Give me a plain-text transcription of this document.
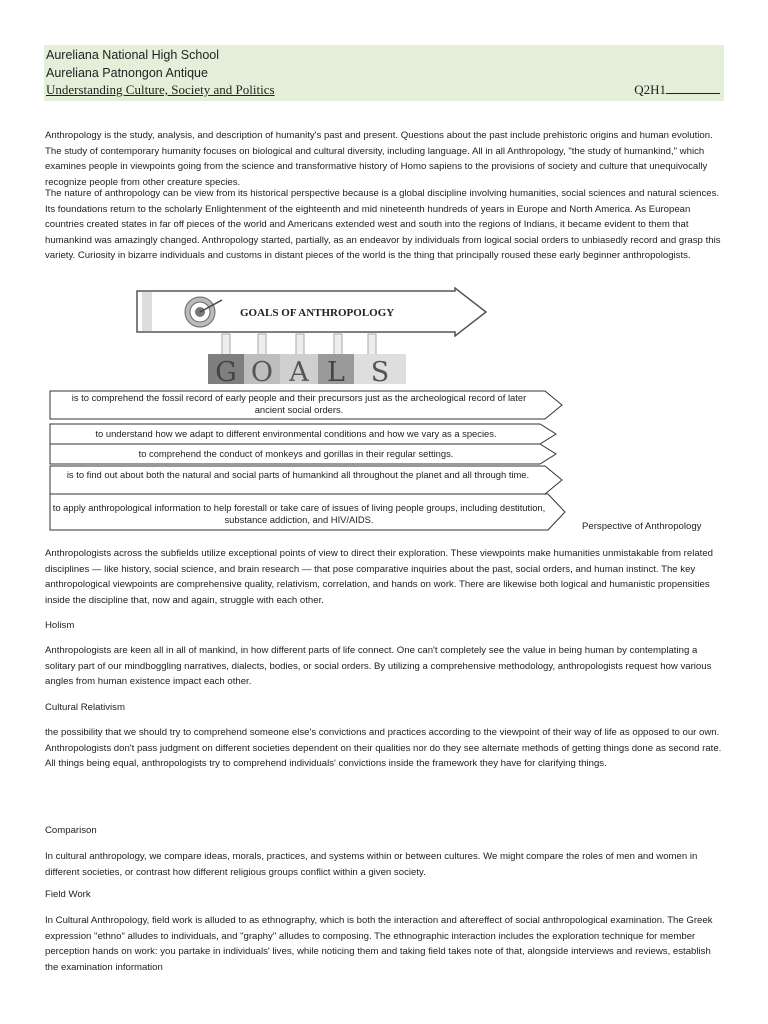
Aureliana National High School
Aureliana Patnongon Antique
Understanding Culture, Society and Politics	Q2H1

Anthropology is the study, analysis, and description of humanity's past and present. Questions about the past include prehistoric origins and human evolution. The study of contemporary humanity focuses on biological and cultural diversity, including language. All in all Anthropology, "the study of humankind," which examines people in viewpoints going from the science and transformative history of Homo sapiens to the provisions of society and culture that unequivocally recognize people from other creature species.

The nature of anthropology can be view from its historical perspective because is a global discipline involving humanities, social sciences and natural sciences. Its foundations return to the scholarly Enlightenment of the eighteenth and mid nineteenth hundreds of years in Europe and North America. As European countries created states in far off pieces of the world and Americans extended west and south into the regions of Indians, it became evident to them that humankind was amazingly changed. Anthropology started, partially, as an endeavor by individuals from logical social orders to unbiasedly record and grasp this variety. Curiosity in bizarre individuals and customs in distant pieces of the world is the thing that principally roused these early beginner anthropologists.

GOALS OF ANTHROPOLOGY
G O A L S
is to comprehend the fossil record of early people and their precursors just as the archeological record of later ancient social orders.
to understand how we adapt to different environmental conditions and how we vary as a species.
to comprehend the conduct of monkeys and gorillas in their regular settings.
is to find out about both the natural and social parts of humankind all throughout the planet and all through time.
to apply anthropological information to help forestall or take care of issues of living people groups, including destitution, substance addiction, and HIV/AIDS.
Perspective of Anthropology

Anthropologists across the subfields utilize exceptional points of view to direct their exploration. These viewpoints make humanities unmistakable from related disciplines — like history, social science, and brain research — that pose comparative inquiries about the past, social orders, and human instinct. The key anthropological viewpoints are comprehensive quality, relativism, correlation, and hands on work. There are likewise both logical and humanistic propensities inside the discipline that, now and again, struggle with each other.

Holism

Anthropologists are keen all in all of mankind, in how different parts of life connect. One can't completely see the value in being human by contemplating a solitary part of our mindboggling narratives, dialects, bodies, or social orders. By utilizing a comprehensive methodology, anthropologists request how various angles from human existence impact each other.

Cultural Relativism

the possibility that we should try to comprehend someone else's convictions and practices according to the viewpoint of their way of life as opposed to our own. Anthropologists don't pass judgment on different societies dependent on their qualities nor do they see alternate methods of getting things done as second rate. All things being equal, anthropologists try to comprehend individuals' convictions inside the framework they have for clarifying things.

Comparison

In cultural anthropology, we compare ideas, morals, practices, and systems within or between cultures. We might compare the roles of men and women in different societies, or contrast how different religious groups conflict within a given society.

Field Work

In Cultural Anthropology, field work is alluded to as ethnography, which is both the interaction and aftereffect of social anthropological examination. The Greek expression "ethno" alludes to individuals, and "graphy" alludes to composing. The ethnographic interaction includes the exploration technique for member perception hands on work: you partake in individuals' lives, while noticing them and taking field takes note of that, alongside interviews and reviews, establish the examination information
